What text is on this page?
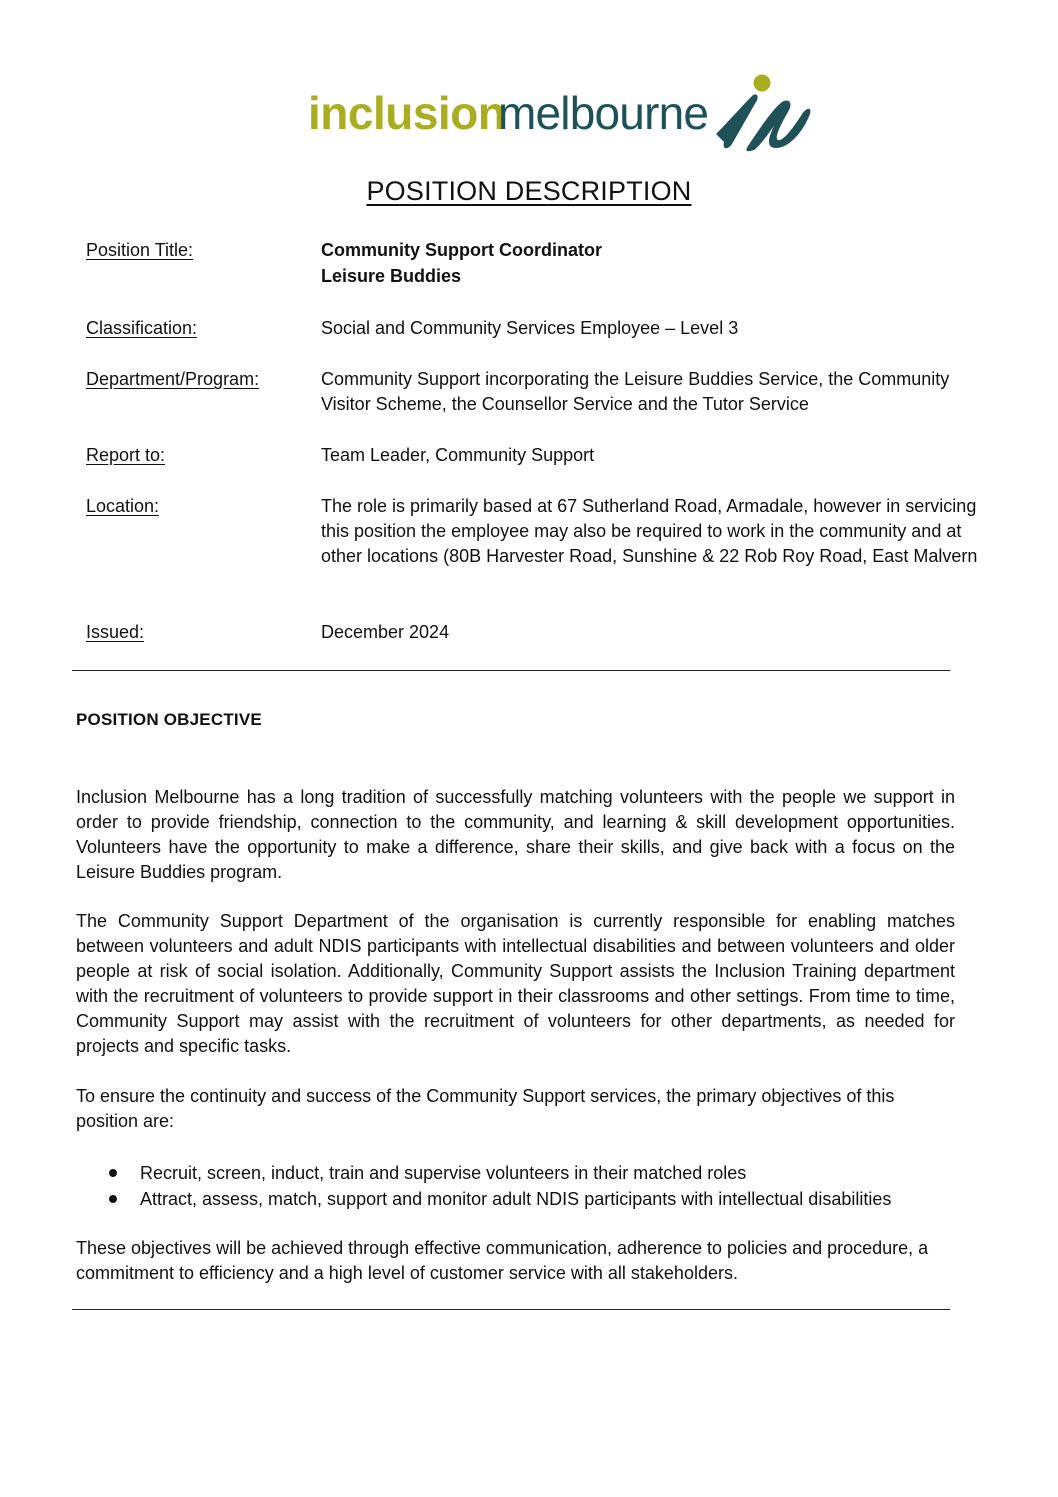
inclusion
melbourne
POSITION DESCRIPTION
Position Title:	Community Support Coordinator
Leisure Buddies
Classification:	Social and Community Services Employee – Level 3
Department/Program:	Community Support incorporating the Leisure Buddies Service, the Community Visitor Scheme, the Counsellor Service and the Tutor Service
Report to:	Team Leader, Community Support
Location:	The role is primarily based at 67 Sutherland Road, Armadale, however in servicing this position the employee may also be required to work in the community and at other locations (80B Harvester Road, Sunshine & 22 Rob Roy Road, East Malvern
Issued:	December 2024
POSITION OBJECTIVE
Inclusion Melbourne has a long tradition of successfully matching volunteers with the people we support in order to provide friendship, connection to the community, and learning & skill development opportunities. Volunteers have the opportunity to make a difference, share their skills, and give back with a focus on the Leisure Buddies program.
The Community Support Department of the organisation is currently responsible for enabling matches between volunteers and adult NDIS participants with intellectual disabilities and between volunteers and older people at risk of social isolation. Additionally, Community Support assists the Inclusion Training department with the recruitment of volunteers to provide support in their classrooms and other settings. From time to time, Community Support may assist with the recruitment of volunteers for other departments, as needed for projects and specific tasks.
To ensure the continuity and success of the Community Support services, the primary objectives of this position are:
Recruit, screen, induct, train and supervise volunteers in their matched roles
Attract, assess, match, support and monitor adult NDIS participants with intellectual disabilities
These objectives will be achieved through effective communication, adherence to policies and procedure, a commitment to efficiency and a high level of customer service with all stakeholders.
